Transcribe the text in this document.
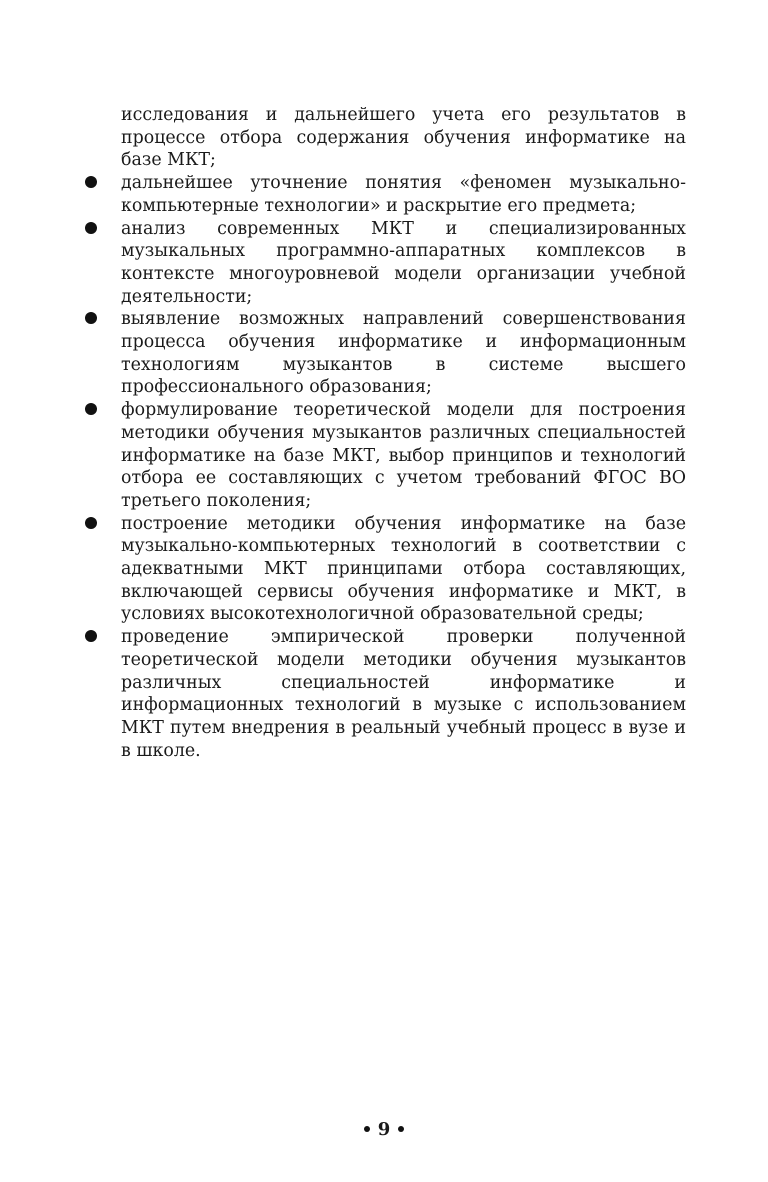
исследования и дальнейшего учета его результатов в процессе отбора содержания обучения информатике на базе МКТ;

дальнейшее уточнение понятия «феномен музыкально-компьютерные технологии» и раскрытие его предмета;
анализ современных МКТ и специализированных музыкальных программно-аппаратных комплексов в контексте многоуровневой модели организации учебной деятельности;
выявление возможных направлений совершенствования процесса обучения информатике и информационным технологиям музыкантов в системе высшего профессионального образования;
формулирование теоретической модели для построения методики обучения музыкантов различных специальностей информатике на базе МКТ, выбор принципов и технологий отбора ее составляющих с учетом требований ФГОС ВО третьего поколения;
построение методики обучения информатике на базе музыкально-компьютерных технологий в соответствии с адекватными МКТ принципами отбора составляющих, включающей сервисы обучения информатике и МКТ, в условиях высокотехнологичной образовательной среды;
проведение эмпирической проверки полученной теоретической модели методики обучения музыкантов различных специальностей информатике и информационных технологий в музыке с использованием МКТ путем внедрения в реальный учебный процесс в вузе и в школе.
9
